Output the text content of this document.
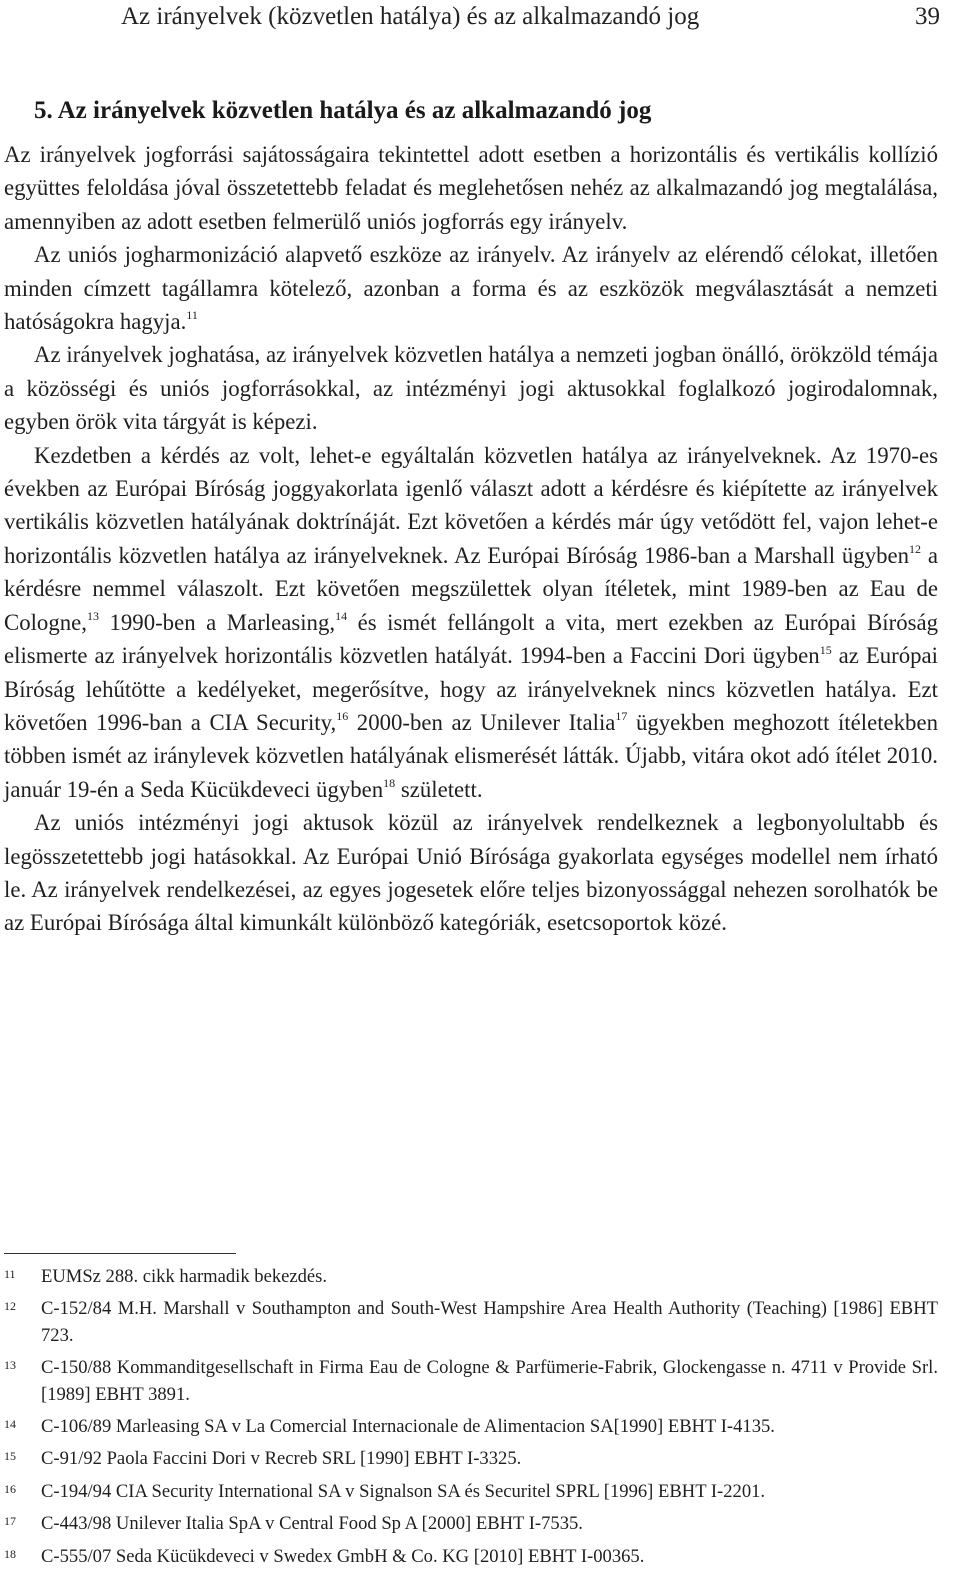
Az irányelvek (közvetlen hatálya) és az alkalmazandó jog	39
5. Az irányelvek közvetlen hatálya és az alkalmazandó jog

Az irányelvek jogforrási sajátosságaira tekintettel adott esetben a horizontális és vertikális kollízió együttes feloldása jóval összetettebb feladat és meglehetősen nehéz az alkalmazandó jog megtalálása, amennyiben az adott esetben felmerülő uniós jogforrás egy irányelv.

Az uniós jogharmonizáció alapvető eszköze az irányelv. Az irányelv az elérendő célokat, illetően minden címzett tagállamra kötelező, azonban a forma és az eszközök megválasztását a nemzeti hatóságokra hagyja.$^{11}$

Az irányelvek joghatása, az irányelvek közvetlen hatálya a nemzeti jogban önálló, örökzöld témája a közösségi és uniós jogforrásokkal, az intézményi jogi aktusokkal foglalkozó jogirodalomnak, egyben örök vita tárgyát is képezi.

Kezdetben a kérdés az volt, lehet-e egyáltalán közvetlen hatálya az irányelveknek. Az 1970-es években az Európai Bíróság joggyakorlata igenlő választ adott a kérdésre és kiépítette az irányelvek vertikális közvetlen hatályának doktrínáját. Ezt követően a kérdés már úgy vetődött fel, vajon lehet-e horizontális közvetlen hatálya az irányelveknek. Az Európai Bíróság 1986-ban a Marshall ügyben$^{12}$ a kérdésre nemmel válaszolt. Ezt követően megszülettek olyan ítéletek, mint 1989-ben az Eau de Cologne,$^{13}$ 1990-ben a Marleasing,$^{14}$ és ismét fellángolt a vita, mert ezekben az Európai Bíróság elismerte az irányelvek horizontális közvetlen hatályát. 1994-ben a Faccini Dori ügyben$^{15}$ az Európai Bíróság lehűtötte a kedélyeket, megerősítve, hogy az irányelveknek nincs közvetlen hatálya. Ezt követően 1996-ban a CIA Security,$^{16}$ 2000-ben az Unilever Italia$^{17}$ ügyekben meghozott ítéletekben többen ismét az iránylevek közvetlen hatályának elismerését látták. Újabb, vitára okot adó ítélet 2010. január 19-én a Seda Kücükdeveci ügyben$^{18}$ született.

Az uniós intézményi jogi aktusok közül az irányelvek rendelkeznek a legbonyolultabb és legösszetettebb jogi hatásokkal. Az Európai Unió Bírósága gyakorlata egységes modellel nem írható le. Az irányelvek rendelkezései, az egyes jogesetek előre teljes bizonyossággal nehezen sorolhatók be az Európai Bírósága által kimunkált különböző kategóriák, esetcsoportok közé.

11 EUMSz 288. cikk harmadik bekezdés.
12 C-152/84 M.H. Marshall v Southampton and South-West Hampshire Area Health Authority (Teaching) [1986] EBHT 723.
13 C-150/88 Kommanditgesellschaft in Firma Eau de Cologne & Parfümerie-Fabrik, Glockengasse n. 4711 v Provide Srl. [1989] EBHT 3891.
14 C-106/89 Marleasing SA v La Comercial Internacionale de Alimentacion SA[1990] EBHT I-4135.
15 C-91/92 Paola Faccini Dori v Recreb SRL [1990] EBHT I-3325.
16 C-194/94 CIA Security International SA v Signalson SA és Securitel SPRL [1996] EBHT I-2201.
17 C-443/98 Unilever Italia SpA v Central Food Sp A [2000] EBHT I-7535.
18 C-555/07 Seda Kücükdeveci v Swedex GmbH & Co. KG [2010] EBHT I-00365.
